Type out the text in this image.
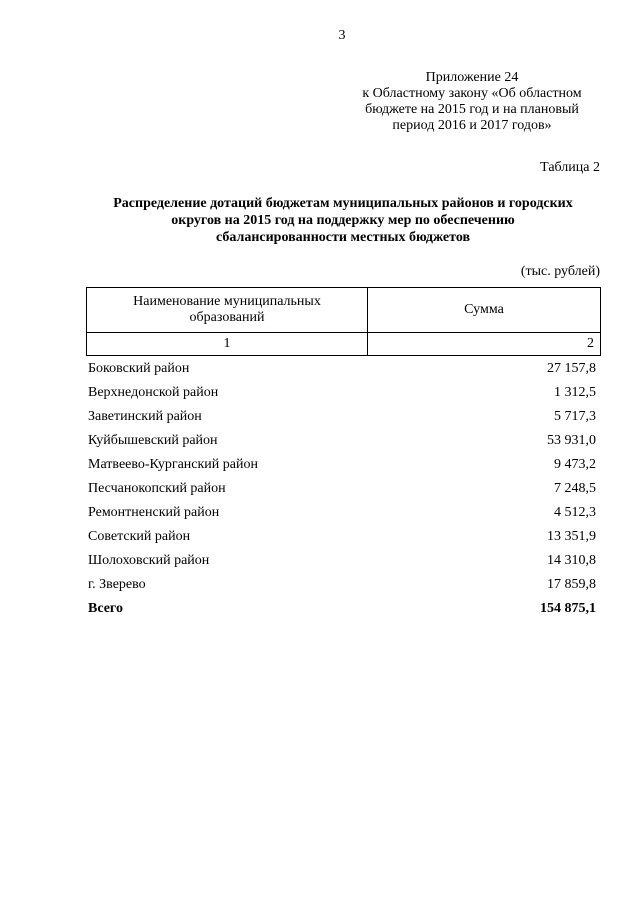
3
Приложение 24
к Областному закону «Об областном
бюджете на 2015 год и на плановый
период 2016 и 2017 годов»
Таблица 2
Распределение дотаций бюджетам муниципальных районов и городских
округов на 2015 год на поддержку мер по обеспечению
сбалансированности местных бюджетов
(тыс. рублей)
Наименование муниципальных
образований	Сумма
1	2
Боковский район	27 157,8
Верхнедонской район	1 312,5
Заветинский район	5 717,3
Куйбышевский район	53 931,0
Матвеево-Курганский район	9 473,2
Песчанокопский район	7 248,5
Ремонтненский район	4 512,3
Советский район	13 351,9
Шолоховский район	14 310,8
г. Зверево	17 859,8
Всего	154 875,1
